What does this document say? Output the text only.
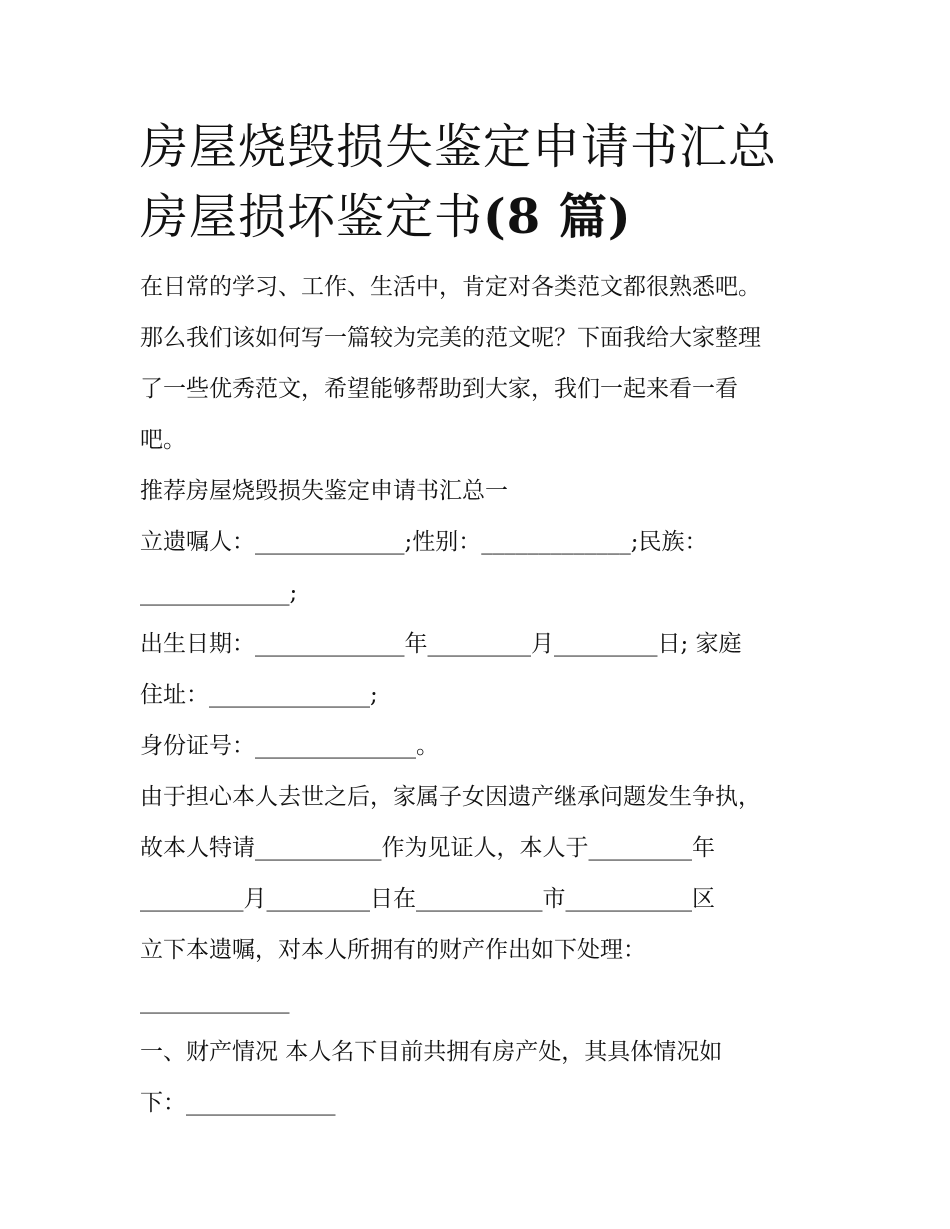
房屋烧毁损失鉴定申请书汇总
房屋损坏鉴定书(8 篇)

在日常的学习、工作、生活中，肯定对各类范文都很熟悉吧。
那么我们该如何写一篇较为完美的范文呢？下面我给大家整理
了一些优秀范文，希望能够帮助到大家，我们一起来看一看
吧。

推荐房屋烧毁损失鉴定申请书汇总一

立遗嘱人：_____________;性别：_____________;民族：
_____________;

出生日期：_____________年_________月_________日; 家庭
住址：______________;

身份证号：______________。

由于担心本人去世之后，家属子女因遗产继承问题发生争执，
故本人特请___________作为见证人，本人于_________年
_________月_________日在___________市___________区
立下本遗嘱，对本人所拥有的财产作出如下处理：
_____________

一、财产情况 本人名下目前共拥有房产处，其具体情况如
下：_____________
